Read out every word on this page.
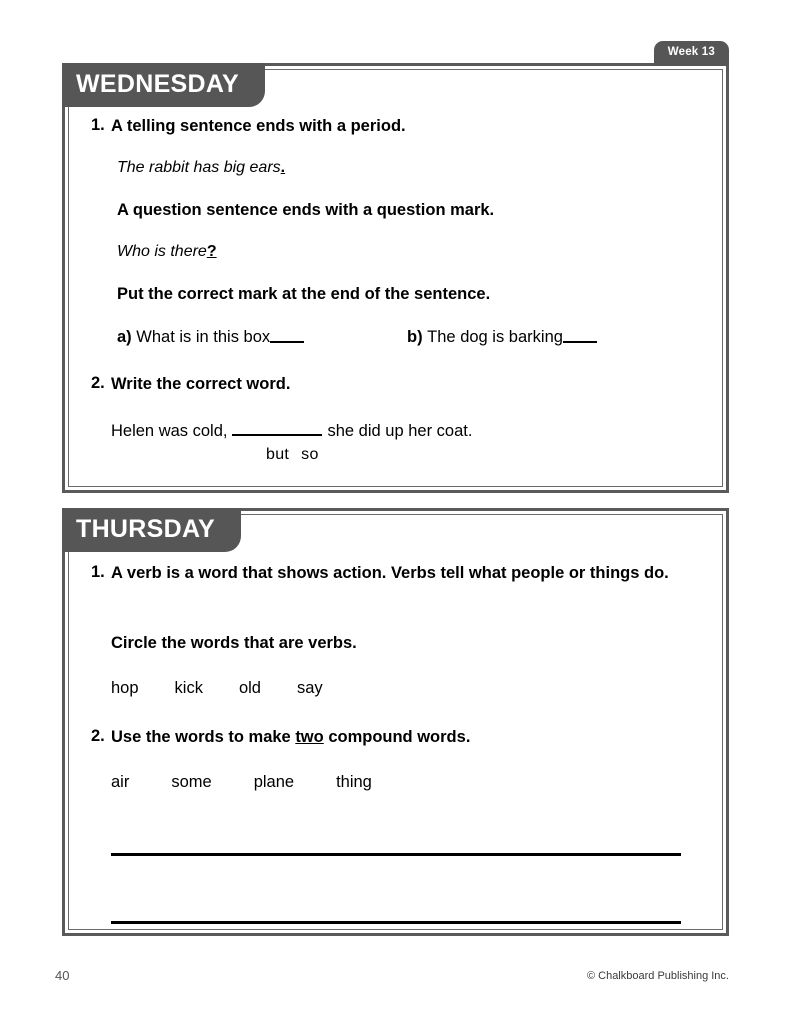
Week 13
WEDNESDAY
1. A telling sentence ends with a period.
The rabbit has big ears.
A question sentence ends with a question mark.
Who is there?
Put the correct mark at the end of the sentence.
a) What is in this box	b) The dog is barking
2. Write the correct word.
Helen was cold,	she did up her coat.
but so
THURSDAY
1. A verb is a word that shows action. Verbs tell what people or things do.
Circle the words that are verbs.
hop kick old say
2. Use the words to make two compound words.
air	some	plane	thing
40	© Chalkboard Publishing Inc.
